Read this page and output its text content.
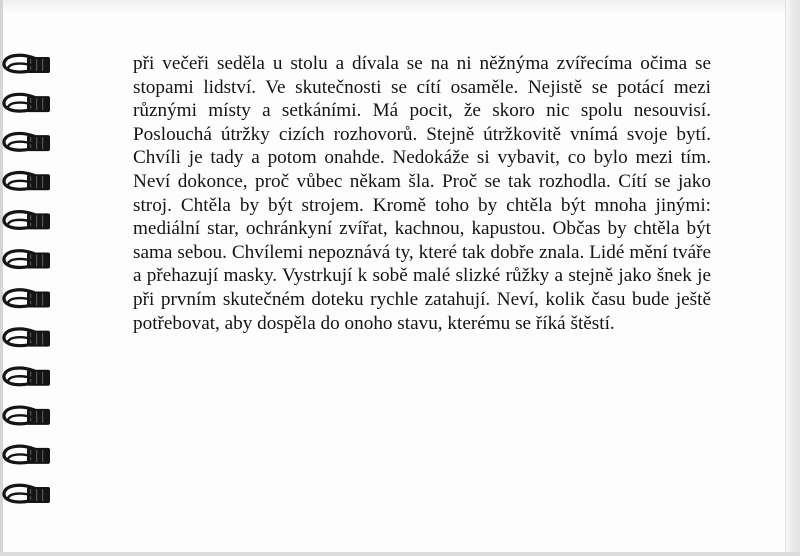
při večeři seděla u stolu a dívala se na ni něžnýma zvířecíma očima se stopami lidství. Ve skutečnosti se cítí osaměle. Nejistě se potácí mezi různými místy a setkáními. Má pocit, že skoro nic spolu nesouvisí. Poslouchá útržky cizích rozhovorů. Stejně útržkovitě vnímá svoje bytí. Chvíli je tady a potom onahde. Nedokáže si vybavit, co bylo mezi tím. Neví dokonce, proč vůbec někam šla. Proč se tak rozhodla. Cítí se jako stroj. Chtěla by být strojem. Kromě toho by chtěla být mnoha jinými: mediální star, ochránkyní zvířat, kachnou, kapustou. Občas by chtěla být sama sebou. Chvílemi nepoznává ty, které tak dobře znala. Lidé mění tváře a přehazují masky. Vystrkují k sobě malé slizké růžky a stejně jako šnek je při prvním skutečném doteku rychle zatahují. Neví, kolik času bude ještě potřebovat, aby dospěla do onoho stavu, kterému se říká štěstí.
